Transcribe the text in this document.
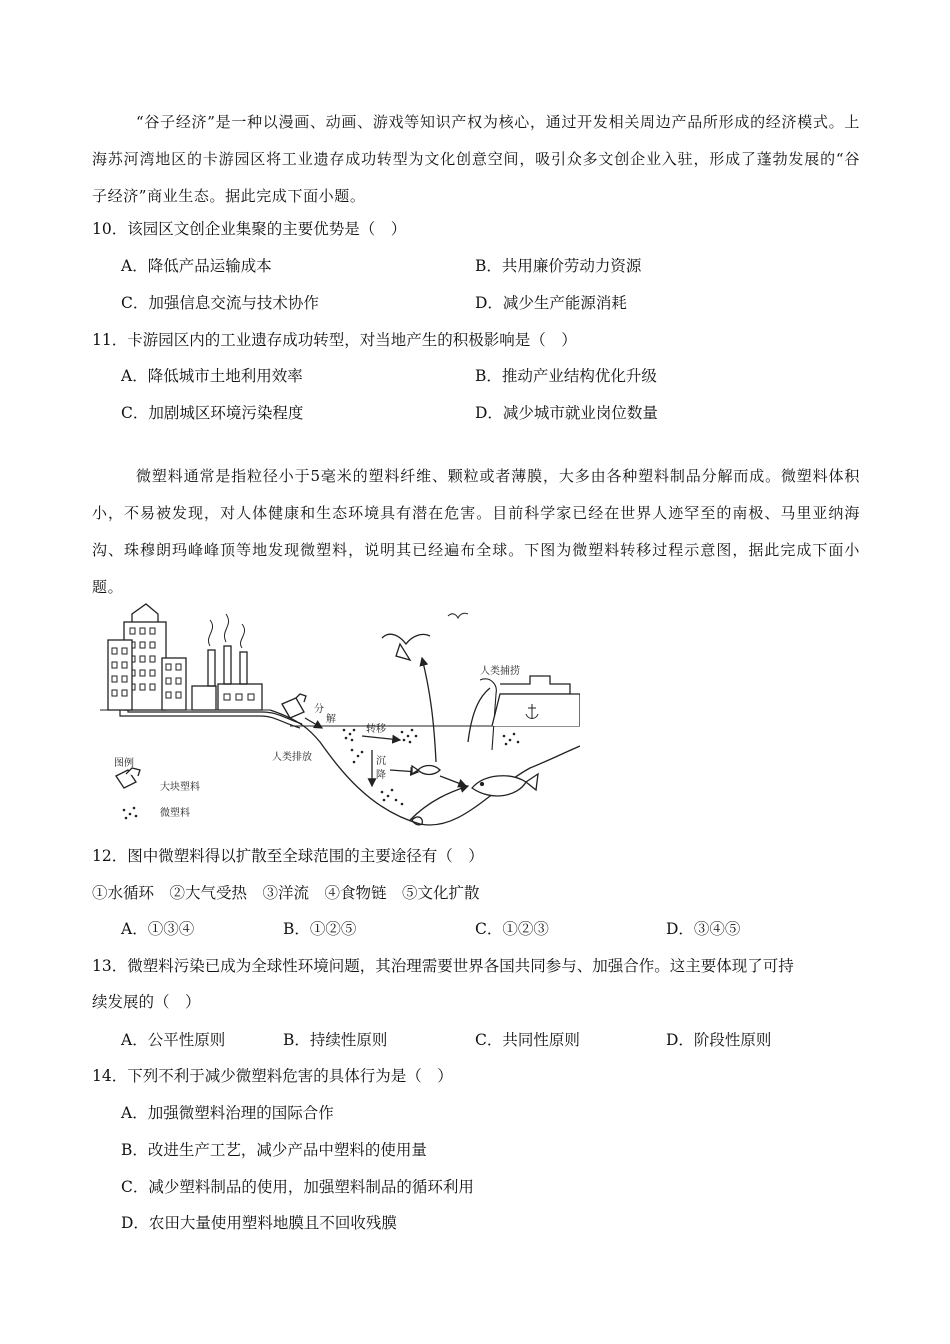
“谷子经济”是一种以漫画、动画、游戏等知识产权为核心，通过开发相关周边产品所形成的经济模式。上海苏河湾地区的卡游园区将工业遗存成功转型为文化创意空间，吸引众多文创企业入驻，形成了蓬勃发展的“谷子经济”商业生态。据此完成下面小题。
10．该园区文创企业集聚的主要优势是（　）
A．降低产品运输成本	B．共用廉价劳动力资源
C．加强信息交流与技术协作	D．减少生产能源消耗
11．卡游园区内的工业遗存成功转型，对当地产生的积极影响是（　）
A．降低城市土地利用效率	B．推动产业结构优化升级
C．加剧城区环境污染程度	D．减少城市就业岗位数量
微塑料通常是指粒径小于5毫米的塑料纤维、颗粒或者薄膜，大多由各种塑料制品分解而成。微塑料体积小，不易被发现，对人体健康和生态环境具有潜在危害。目前科学家已经在世界人迹罕至的南极、马里亚纳海沟、珠穆朗玛峰峰顶等地发现微塑料，说明其已经遍布全球。下图为微塑料转移过程示意图，据此完成下面小题。
分
解
转移
沉
降
人类排放
人类捕捞
图例
大块塑料
微塑料
12．图中微塑料得以扩散至全球范围的主要途径有（　）
①水循环　②大气受热　③洋流　④食物链　⑤文化扩散
A．①③④	B．①②⑤	C．①②③	D．③④⑤
13．微塑料污染已成为全球性环境问题，其治理需要世界各国共同参与、加强合作。这主要体现了可持
续发展的（　）
A．公平性原则	B．持续性原则	C．共同性原则	D．阶段性原则
14．下列不利于减少微塑料危害的具体行为是（　）
A．加强微塑料治理的国际合作
B．改进生产工艺，减少产品中塑料的使用量
C．减少塑料制品的使用，加强塑料制品的循环利用
D．农田大量使用塑料地膜且不回收残膜
